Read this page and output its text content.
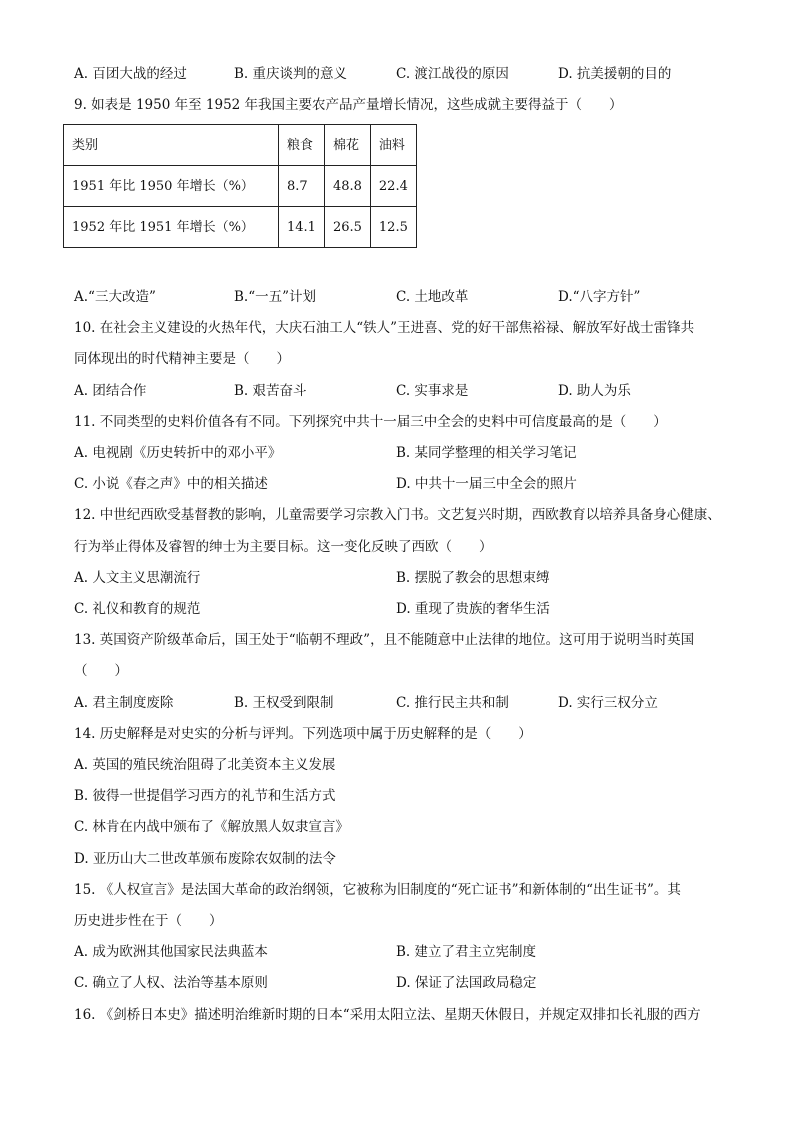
A. 百团大战的经过	B. 重庆谈判的意义	C. 渡江战役的原因	D. 抗美援朝的目的
9. 如表是 1950 年至 1952 年我国主要农产品产量增长情况，这些成就主要得益于（　　）
类别	粮食	棉花	油料
1951 年比 1950 年增长（%）	8.7	48.8	22.4
1952 年比 1951 年增长（%）	14.1	26.5	12.5
A.“三大改造”	B.“一五”计划	C. 土地改革	D.“八字方针”
10. 在社会主义建设的火热年代，大庆石油工人“铁人”王进喜、党的好干部焦裕禄、解放军好战士雷锋共
同体现出的时代精神主要是（　　）
A. 团结合作	B. 艰苦奋斗	C. 实事求是	D. 助人为乐
11. 不同类型的史料价值各有不同。下列探究中共十一届三中全会的史料中可信度最高的是（　　）
A. 电视剧《历史转折中的邓小平》	B. 某同学整理的相关学习笔记
C. 小说《春之声》中的相关描述	D. 中共十一届三中全会的照片
12. 中世纪西欧受基督教的影响，儿童需要学习宗教入门书。文艺复兴时期，西欧教育以培养具备身心健康、
行为举止得体及睿智的绅士为主要目标。这一变化反映了西欧（　　）
A. 人文主义思潮流行	B. 摆脱了教会的思想束缚
C. 礼仪和教育的规范	D. 重现了贵族的奢华生活
13. 英国资产阶级革命后，国王处于“临朝不理政”，且不能随意中止法律的地位。这可用于说明当时英国
（　　）
A. 君主制度废除	B. 王权受到限制	C. 推行民主共和制	D. 实行三权分立
14. 历史解释是对史实的分析与评判。下列选项中属于历史解释的是（　　）
A. 英国的殖民统治阻碍了北美资本主义发展
B. 彼得一世提倡学习西方的礼节和生活方式
C. 林肯在内战中颁布了《解放黑人奴隶宣言》
D. 亚历山大二世改革颁布废除农奴制的法令
15. 《人权宣言》是法国大革命的政治纲领，它被称为旧制度的“死亡证书”和新体制的“出生证书”。其
历史进步性在于（　　）
A. 成为欧洲其他国家民法典蓝本	B. 建立了君主立宪制度
C. 确立了人权、法治等基本原则	D. 保证了法国政局稳定
16. 《剑桥日本史》描述明治维新时期的日本“采用太阳立法、星期天休假日，并规定双排扣长礼服的西方
